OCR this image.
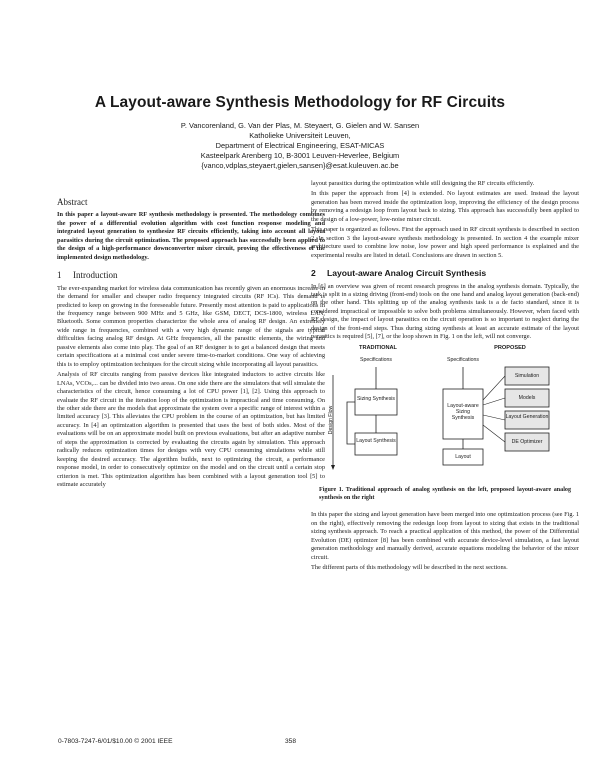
A Layout-aware Synthesis Methodology for RF Circuits
P. Vancorenland, G. Van der Plas, M. Steyaert, G. Gielen and W. Sansen
Katholieke Universiteit Leuven,
Department of Electrical Engineering, ESAT-MICAS
Kasteelpark Arenberg 10, B-3001 Leuven-Heverlee, Belgium
{vanco,vdplas,steyaert,gielen,sansen}@esat.kuleuven.ac.be
Abstract

In this paper a layout-aware RF synthesis methodology is presented. The methodology combines the power of a differential evolution algorithm with cost function response modeling and integrated layout generation to synthesize RF circuits efficiently, taking into account all layout parasitics during the circuit optimization. The proposed approach has successfully been applied to the design of a high-performance downconverter mixer circuit, proving the effectiveness of the implemented design methodology.

1 Introduction

The ever-expanding market for wireless data communication has recently given an enormous increase in the demand for smaller and cheaper radio frequency integrated circuits (RF ICs). This demand is predicted to keep on growing in the foreseeable future. Presently most attention is paid to applications in the frequency range between 900 MHz and 5 GHz, like GSM, DECT, DCS-1800, wireless LAN, Bluetooth. Some common properties characterize the whole area of analog RF design. An extremely wide range in frequencies, combined with a very high dynamic range of the signals are typical difficulties facing analog RF design. At GHz frequencies, all the parasitic elements, the wiring and passive elements also come into play. The goal of an RF designer is to get a balanced design that meets certain specifications at a minimal cost under severe time-to-market conditions. One way of achieving this is to employ optimization techniques for the circuit sizing while incorporating all layout parasitics.

Analysis of RF circuits ranging from passive devices like integrated inductors to active circuits like LNAs, VCOs,... can be divided into two areas. On one side there are the simulators that will simulate the characteristics of the circuit, hence consuming a lot of CPU power [1], [2]. Using this approach to evaluate the RF circuit in the iteration loop of the optimization is impractical and time consuming. On the other side there are the models that approximate the system over a specific range of interest within a limited accuracy [3]. This alleviates the CPU problem in the course of an optimization, but has limited accuracy. In [4] an optimization algorithm is presented that uses the best of both sides. Most of the evaluations will be on an approximate model built on previous evaluations, but after an adaptive number of steps the approximation is corrected by evaluating the circuits again by simulation. This approach radically reduces optimization times for designs with very CPU consuming simulations while still keeping the desired accuracy. The algorithm builds, next to optimizing the circuit, a performance response model, in order to consecutively optimize on the model and on the circuit until a certain stop criterion is met. This optimization algorithm has been combined with a layout generation tool [5] to estimate accurately

layout parasitics during the optimization while still designing the RF circuits efficiently.

In this paper the approach from [4] is extended. No layout estimates are used. Instead the layout generation has been moved inside the optimization loop, improving the efficiency of the design process by removing a redesign loop from layout back to sizing. This approach has successfully been applied to the design of a low-power, low-noise mixer circuit.

This paper is organized as follows. First the approach used in RF circuit synthesis is described in section 2. In section 3 the layout-aware synthesis methodology is presented. In section 4 the example mixer architecture used to combine low noise, low power and high speed performance is explained and the experimental results are listed in detail. Conclusions are drawn in section 5.

2 Layout-aware Analog Circuit Synthesis

In [6] an overview was given of recent research progress in the analog synthesis domain. Typically, the task is split in a sizing driving (front-end) tools on the one hand and analog layout generation (back-end) on the other hand. This splitting up of the analog synthesis task is a de facto standard, since it is considered impractical or impossible to solve both problems simultaneously. However, when faced with RF design, the impact of layout parasitics on the circuit operation is so important to neglect during the design of the front-end steps. Thus during sizing synthesis at least an accurate estimate of the layout parasitics is required [5], [7], or the loop shown in Fig. 1 on the left, will not converge.

TRADITIONAL	PROPOSED
Specifications	Specifications
Sizing Synthesis
Layout Synthesis
Layout-aware Sizing Synthesis
Layout
Design Flow
Simulation
Models
Layout Generation
DE Optimizer
Figure 1. Traditional approach of analog synthesis on the left, proposed layout-aware analog synthesis on the right

In this paper the sizing and layout generation have been merged into one optimization process (see Fig. 1 on the right), effectively removing the redesign loop from layout to sizing that exists in the traditional sizing synthesis approach. To reach a practical application of this method, the power of the Differential Evolution (DE) optimizer [8] has been combined with accurate device-level simulation, a fast layout generation methodology and manually derived, accurate equations modeling the behavior of the mixer circuit.

The different parts of this methodology will be described in the next sections.

0-7803-7247-6/01/$10.00 © 2001 IEEE	358
